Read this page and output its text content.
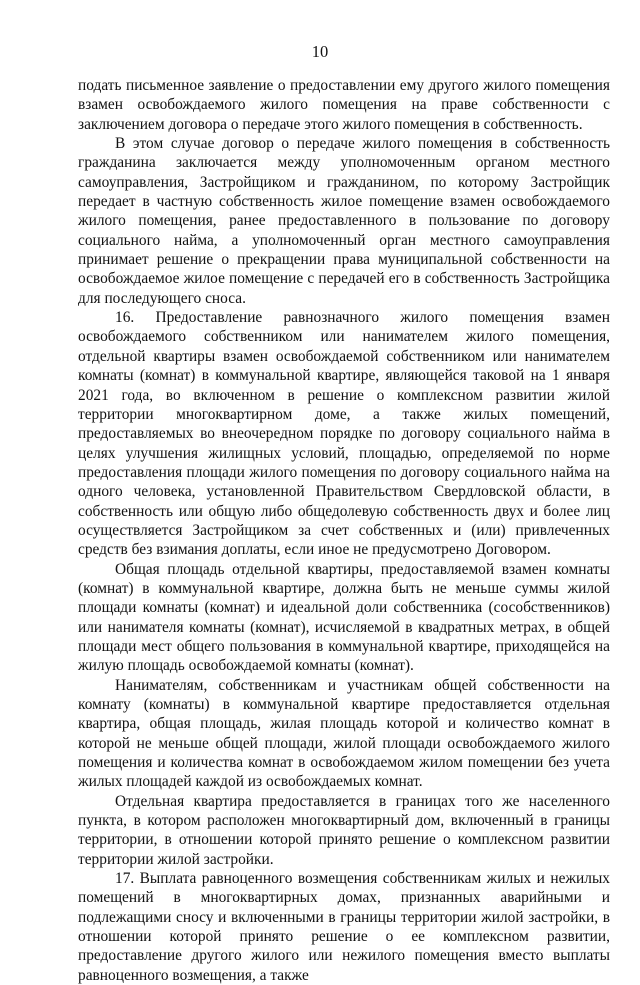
10

подать письменное заявление о предоставлении ему другого жилого помещения взамен освобождаемого жилого помещения на праве собственности с заключением договора о передаче этого жилого помещения в собственность.

В этом случае договор о передаче жилого помещения в собственность гражданина заключается между уполномоченным органом местного самоуправления, Застройщиком и гражданином, по которому Застройщик передает в частную собственность жилое помещение взамен освобождаемого жилого помещения, ранее предоставленного в пользование по договору социального найма, а уполномоченный орган местного самоуправления принимает решение о прекращении права муниципальной собственности на освобождаемое жилое помещение с передачей его в собственность Застройщика для последующего сноса.

16. Предоставление равнозначного жилого помещения взамен освобождаемого собственником или нанимателем жилого помещения, отдельной квартиры взамен освобождаемой собственником или нанимателем комнаты (комнат) в коммунальной квартире, являющейся таковой на 1 января 2021 года, во включенном в решение о комплексном развитии жилой территории многоквартирном доме, а также жилых помещений, предоставляемых во внеочередном порядке по договору социального найма в целях улучшения жилищных условий, площадью, определяемой по норме предоставления площади жилого помещения по договору социального найма на одного человека, установленной Правительством Свердловской области, в собственность или общую либо общедолевую собственность двух и более лиц осуществляется Застройщиком за счет собственных и (или) привлеченных средств без взимания доплаты, если иное не предусмотрено Договором.

Общая площадь отдельной квартиры, предоставляемой взамен комнаты (комнат) в коммунальной квартире, должна быть не меньше суммы жилой площади комнаты (комнат) и идеальной доли собственника (сособственников) или нанимателя комнаты (комнат), исчисляемой в квадратных метрах, в общей площади мест общего пользования в коммунальной квартире, приходящейся на жилую площадь освобождаемой комнаты (комнат).

Нанимателям, собственникам и участникам общей собственности на комнату (комнаты) в коммунальной квартире предоставляется отдельная квартира, общая площадь, жилая площадь которой и количество комнат в которой не меньше общей площади, жилой площади освобождаемого жилого помещения и количества комнат в освобождаемом жилом помещении без учета жилых площадей каждой из освобождаемых комнат.

Отдельная квартира предоставляется в границах того же населенного пункта, в котором расположен многоквартирный дом, включенный в границы территории, в отношении которой принято решение о комплексном развитии территории жилой застройки.

17. Выплата равноценного возмещения собственникам жилых и нежилых помещений в многоквартирных домах, признанных аварийными и подлежащими сносу и включенными в границы территории жилой застройки, в отношении которой принято решение о ее комплексном развитии, предоставление другого жилого или нежилого помещения вместо выплаты равноценного возмещения, а также
